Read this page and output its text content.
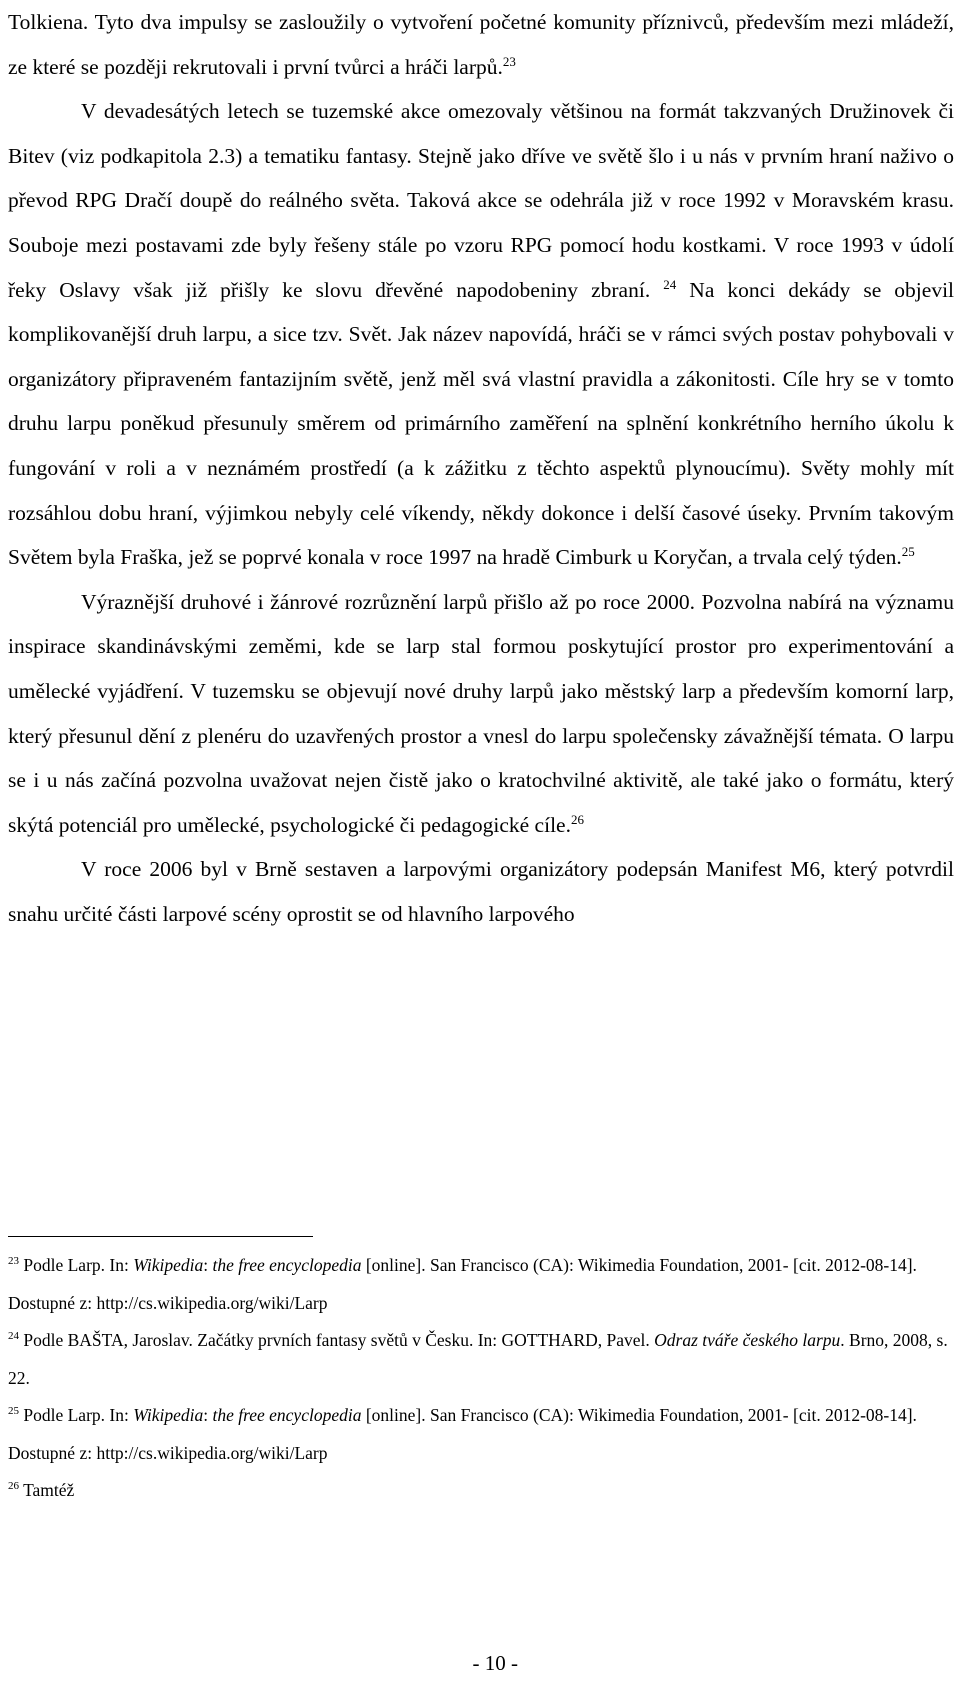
Tolkiena. Tyto dva impulsy se zasloužily o vytvoření početné komunity příznivců, především mezi mládeží, ze které se později rekrutovali i první tvůrci a hráči larpů.$^{23}$

V devadesátých letech se tuzemské akce omezovaly většinou na formát takzvaných Družinovek či Bitev (viz podkapitola 2.3) a tematiku fantasy. Stejně jako dříve ve světě šlo i u nás v prvním hraní naživo o převod RPG Dračí doupě do reálného světa. Taková akce se odehrála již v roce 1992 v Moravském krasu. Souboje mezi postavami zde byly řešeny stále po vzoru RPG pomocí hodu kostkami. V roce 1993 v údolí řeky Oslavy však již přišly ke slovu dřevěné napodobeniny zbraní. $^{24}$ Na konci dekády se objevil komplikovanější druh larpu, a sice tzv. Svět. Jak název napovídá, hráči se v rámci svých postav pohybovali v organizátory připraveném fantazijním světě, jenž měl svá vlastní pravidla a zákonitosti. Cíle hry se v tomto druhu larpu poněkud přesunuly směrem od primárního zaměření na splnění konkrétního herního úkolu k fungování v roli a v neznámém prostředí (a k zážitku z těchto aspektů plynoucímu). Světy mohly mít rozsáhlou dobu hraní, výjimkou nebyly celé víkendy, někdy dokonce i delší časové úseky. Prvním takovým Světem byla Fraška, jež se poprvé konala v roce 1997 na hradě Cimburk u Koryčan, a trvala celý týden.$^{25}$

Výraznější druhové i žánrové rozrůznění larpů přišlo až po roce 2000. Pozvolna nabírá na významu inspirace skandinávskými zeměmi, kde se larp stal formou poskytující prostor pro experimentování a umělecké vyjádření. V tuzemsku se objevují nové druhy larpů jako městský larp a především komorní larp, který přesunul dění z plenéru do uzavřených prostor a vnesl do larpu společensky závažnější témata. O larpu se i u nás začíná pozvolna uvažovat nejen čistě jako o kratochvilné aktivitě, ale také jako o formátu, který skýtá potenciál pro umělecké, psychologické či pedagogické cíle.$^{26}$

V roce 2006 byl v Brně sestaven a larpovými organizátory podepsán Manifest M6, který potvrdil snahu určité části larpové scény oprostit se od hlavního larpového

$^{23}$ Podle Larp. In: Wikipedia: the free encyclopedia [online]. San Francisco (CA): Wikimedia Foundation, 2001- [cit. 2012-08-14]. Dostupné z: http://cs.wikipedia.org/wiki/Larp

$^{24}$ Podle BAŠTA, Jaroslav. Začátky prvních fantasy světů v Česku. In: GOTTHARD, Pavel. Odraz tváře českého larpu. Brno, 2008, s. 22.

$^{25}$ Podle Larp. In: Wikipedia: the free encyclopedia [online]. San Francisco (CA): Wikimedia Foundation, 2001- [cit. 2012-08-14]. Dostupné z: http://cs.wikipedia.org/wiki/Larp

$^{26}$ Tamtéž

- 10 -
